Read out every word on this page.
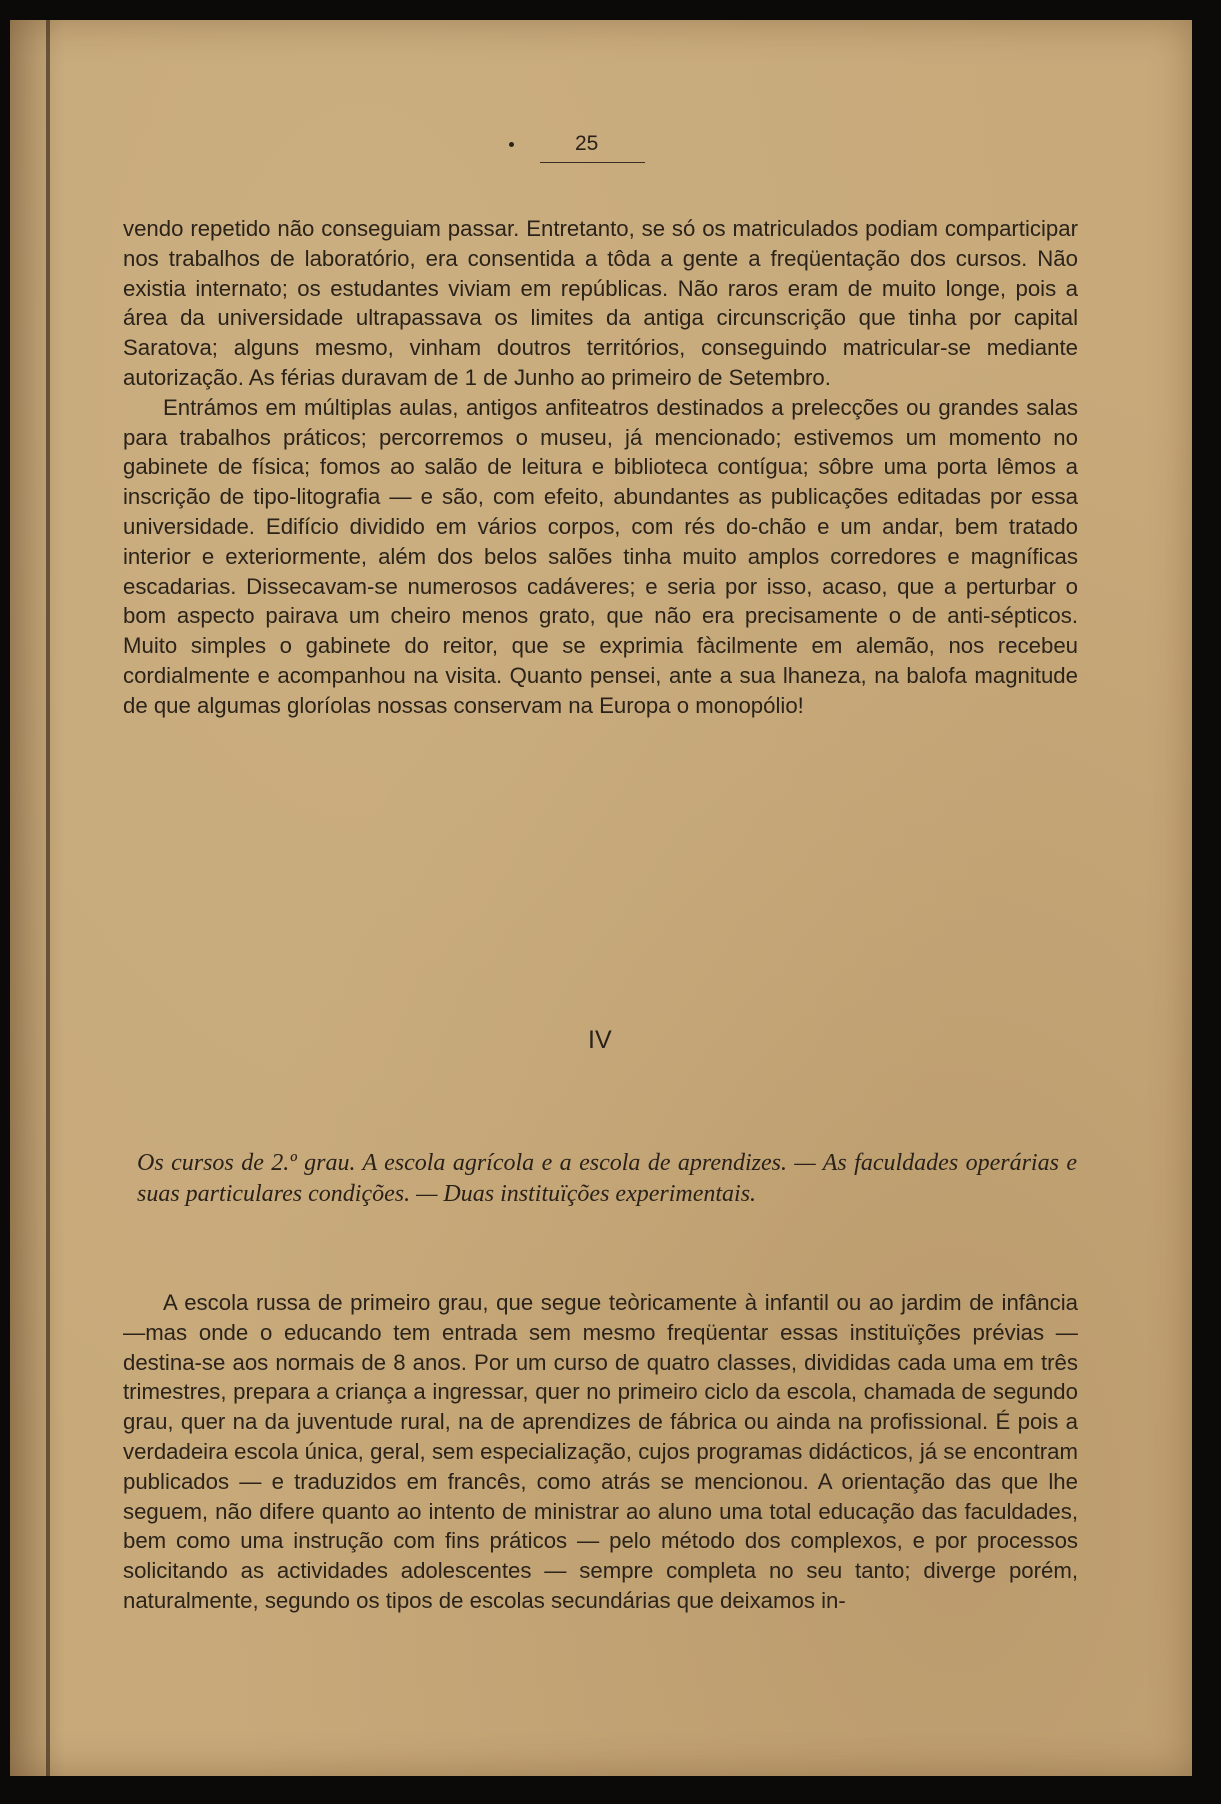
25

vendo repetido não conseguiam passar. Entretanto, se só os matriculados podiam comparticipar nos trabalhos de laboratório, era consentida a tôda a gente a freqüentação dos cursos. Não existia internato; os estudantes viviam em repúblicas. Não raros eram de muito longe, pois a área da universidade ultrapassava os limites da antiga circunscrição que tinha por capital Saratova; alguns mesmo, vinham doutros territórios, conseguindo matricular-se mediante autorização. As férias duravam de 1 de Junho ao primeiro de Setembro.

Entrámos em múltiplas aulas, antigos anfiteatros destinados a prelecções ou grandes salas para trabalhos práticos; percorremos o museu, já mencionado; estivemos um momento no gabinete de física; fomos ao salão de leitura e biblioteca contígua; sôbre uma porta lêmos a inscrição de tipo-litografia — e são, com efeito, abundantes as publicações editadas por essa universidade. Edifício dividido em vários corpos, com rés do-chão e um andar, bem tratado interior e exteriormente, além dos belos salões tinha muito amplos corredores e magníficas escadarias. Dissecavam-se numerosos cadáveres; e seria por isso, acaso, que a perturbar o bom aspecto pairava um cheiro menos grato, que não era precisamente o de anti-sépticos. Muito simples o gabinete do reitor, que se exprimia fàcilmente em alemão, nos recebeu cordialmente e acompanhou na visita. Quanto pensei, ante a sua lhaneza, na balofa magnitude de que algumas gloríolas nossas conservam na Europa o monopólio!

IV
Os cursos de 2.º grau. A escola agrícola e a escola de aprendizes. — As faculdades operárias e suas particulares condições. — Duas instituïções experimentais.

A escola russa de primeiro grau, que segue teòricamente à infantil ou ao jardim de infância—mas onde o educando tem entrada sem mesmo freqüentar essas instituïções prévias — destina-se aos normais de 8 anos. Por um curso de quatro classes, divididas cada uma em três trimestres, prepara a criança a ingressar, quer no primeiro ciclo da escola, chamada de segundo grau, quer na da juventude rural, na de aprendizes de fábrica ou ainda na profissional. É pois a verdadeira escola única, geral, sem especialização, cujos programas didácticos, já se encontram publicados — e traduzidos em francês, como atrás se mencionou. A orientação das que lhe seguem, não difere quanto ao intento de ministrar ao aluno uma total educação das faculdades, bem como uma instrução com fins práticos — pelo método dos complexos, e por processos solicitando as actividades adolescentes — sempre completa no seu tanto; diverge porém, naturalmente, segundo os tipos de escolas secundárias que deixamos in-
